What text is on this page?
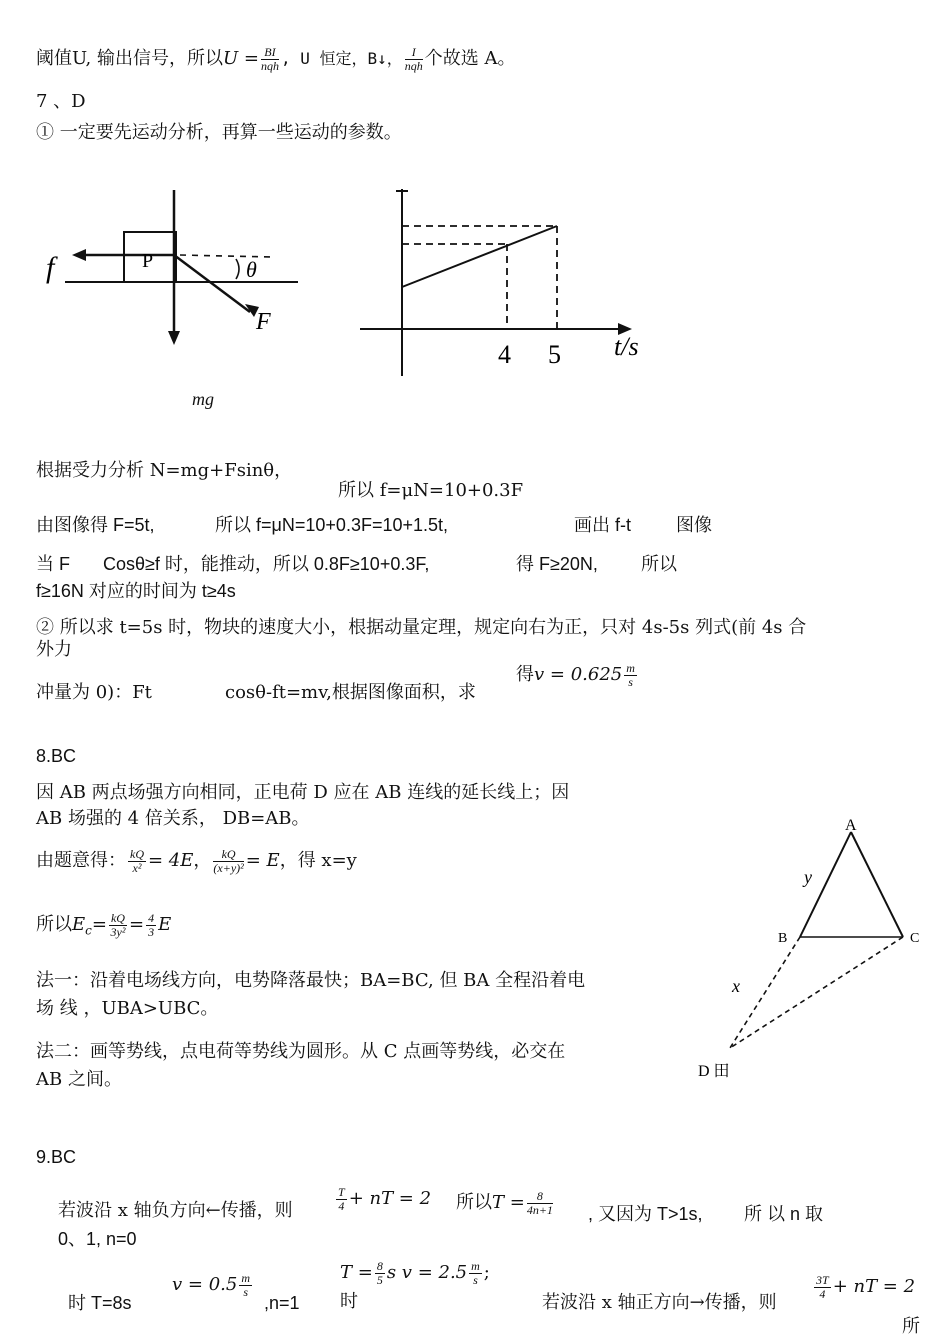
阈值U, 输出信号，所以$U = \frac{BI}{\text{nqh}}$ , U 恒定，B↓， $\frac{I}{\text{nqh}}$ 个故选 A。
7 、D
① 一定要先运动分析，再算一些运动的参数。
f	P	θ
F
mg
4 5 t/s
根据受力分析 N=mg+Fsinθ，
所以 f=μN=10+0.3F
由图像得 F=5t,	所以 f=μN=10+0.3F=10+1.5t,	画出 f-t	图像
当 F Cosθ≥f 时，能推动，所以 0.8F≥10+0.3F,	得 F≥20N, 所以
f≥16N 对应的时间为 t≥4s
② 所以求 t=5s 时，物块的速度大小，根据动量定理，规定向右为正，只对 4s-5s 列式(前 4s 合
外力
冲量为 0)：Ft	cosθ-ft=mv,根据图像面积，求
得$v = 0.625 \frac{m}{s}$
8.BC
因 AB 两点场强方向相同，正电荷 D 应在 AB 连线的延长线上；因
AB 场强的 4 倍关系， DB=AB。
由题意得： $\frac{kQ}{\text{x²}} = 4E$， $\frac{kQ}{\text{(x+y)²}} = E$，得 x=y
所以$E_c= \frac{kQ}{\text{3y²}} = \frac{4}{3}$ E
法一：沿着电场线方向，电势降落最快；BA=BC, 但 BA 全程沿着电
场 线 ，UBA>UBC。
法二：画等势线，点电荷等势线为圆形。从 C 点画等势线，必交在
AB 之间。
A
B	C
y
x
D 田
9.BC
若波沿 x 轴负方向←传播，则	$\frac{T}{4}$ + nT = 2 所以$T = \frac{8}{4n+1}$ , 又因为 T>1s, 所 以 n 取
0、1, n=0
时 T=8s
$v = 0.5 \frac{m}{s}$
,n=1
$T = \frac{8}{5}$ s $v = 2.5 \frac{m}{s}$ ;
时	若波沿 x 轴正方向→传播，则
$\frac{3T}{4}$ + nT = 2
所
